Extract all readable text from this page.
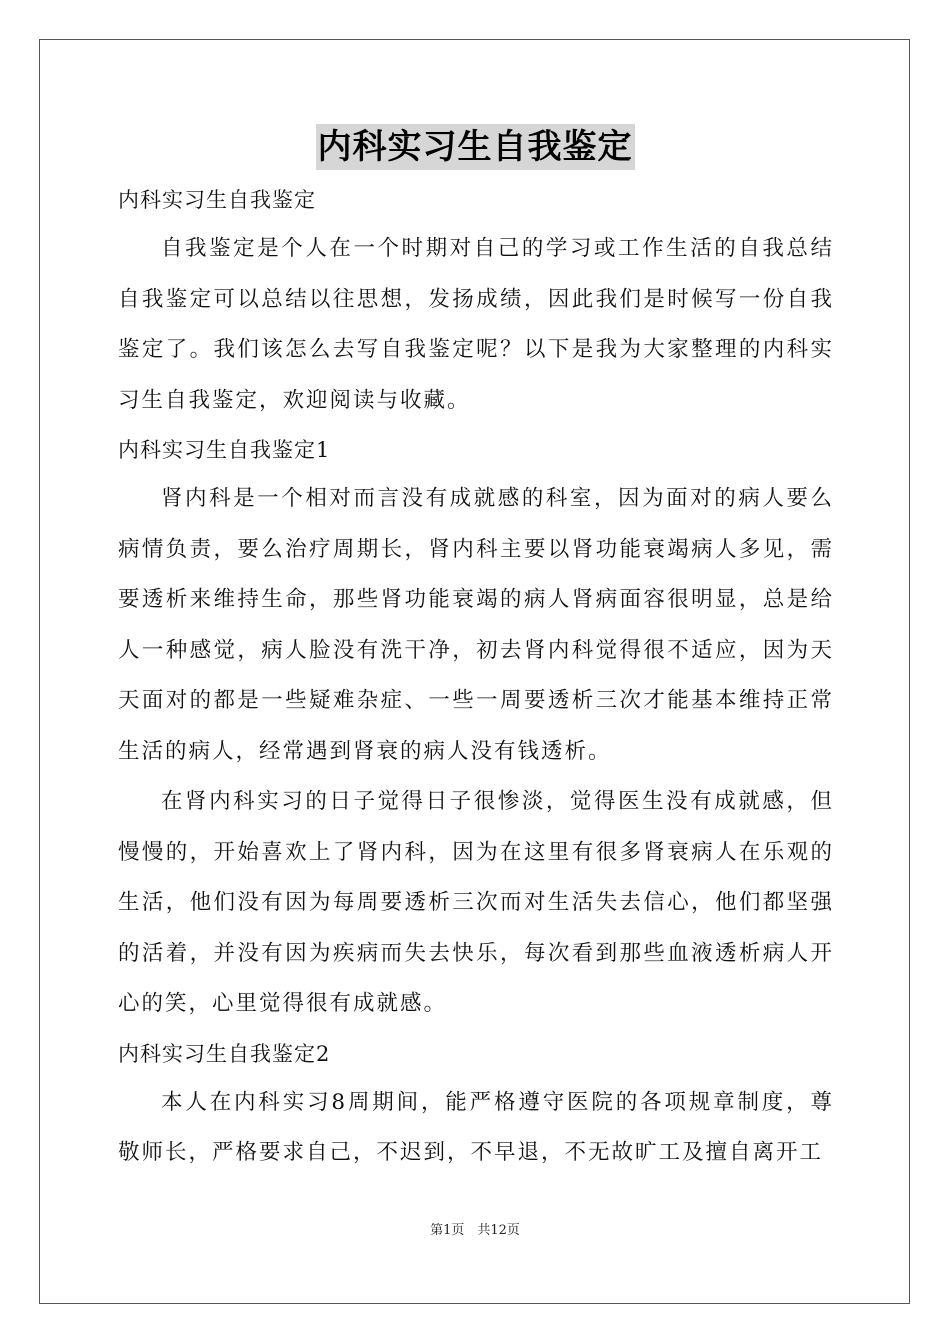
内科实习生自我鉴定
内科实习生自我鉴定

自我鉴定是个人在一个时期对自己的学习或工作生活的自我总结自我鉴定可以总结以往思想，发扬成绩，因此我们是时候写一份自我鉴定了。我们该怎么去写自我鉴定呢？以下是我为大家整理的内科实习生自我鉴定，欢迎阅读与收藏。

内科实习生自我鉴定1

肾内科是一个相对而言没有成就感的科室，因为面对的病人要么病情负责，要么治疗周期长，肾内科主要以肾功能衰竭病人多见，需要透析来维持生命，那些肾功能衰竭的病人肾病面容很明显，总是给人一种感觉，病人脸没有洗干净，初去肾内科觉得很不适应，因为天天面对的都是一些疑难杂症、一些一周要透析三次才能基本维持正常生活的病人，经常遇到肾衰的病人没有钱透析。

在肾内科实习的日子觉得日子很惨淡，觉得医生没有成就感，但慢慢的，开始喜欢上了肾内科，因为在这里有很多肾衰病人在乐观的生活，他们没有因为每周要透析三次而对生活失去信心，他们都坚强的活着，并没有因为疾病而失去快乐，每次看到那些血液透析病人开心的笑，心里觉得很有成就感。

内科实习生自我鉴定2

本人在内科实习8周期间，能严格遵守医院的各项规章制度，尊敬师长，严格要求自己，不迟到，不早退，不无故旷工及擅自离开工

第1页　共12页
